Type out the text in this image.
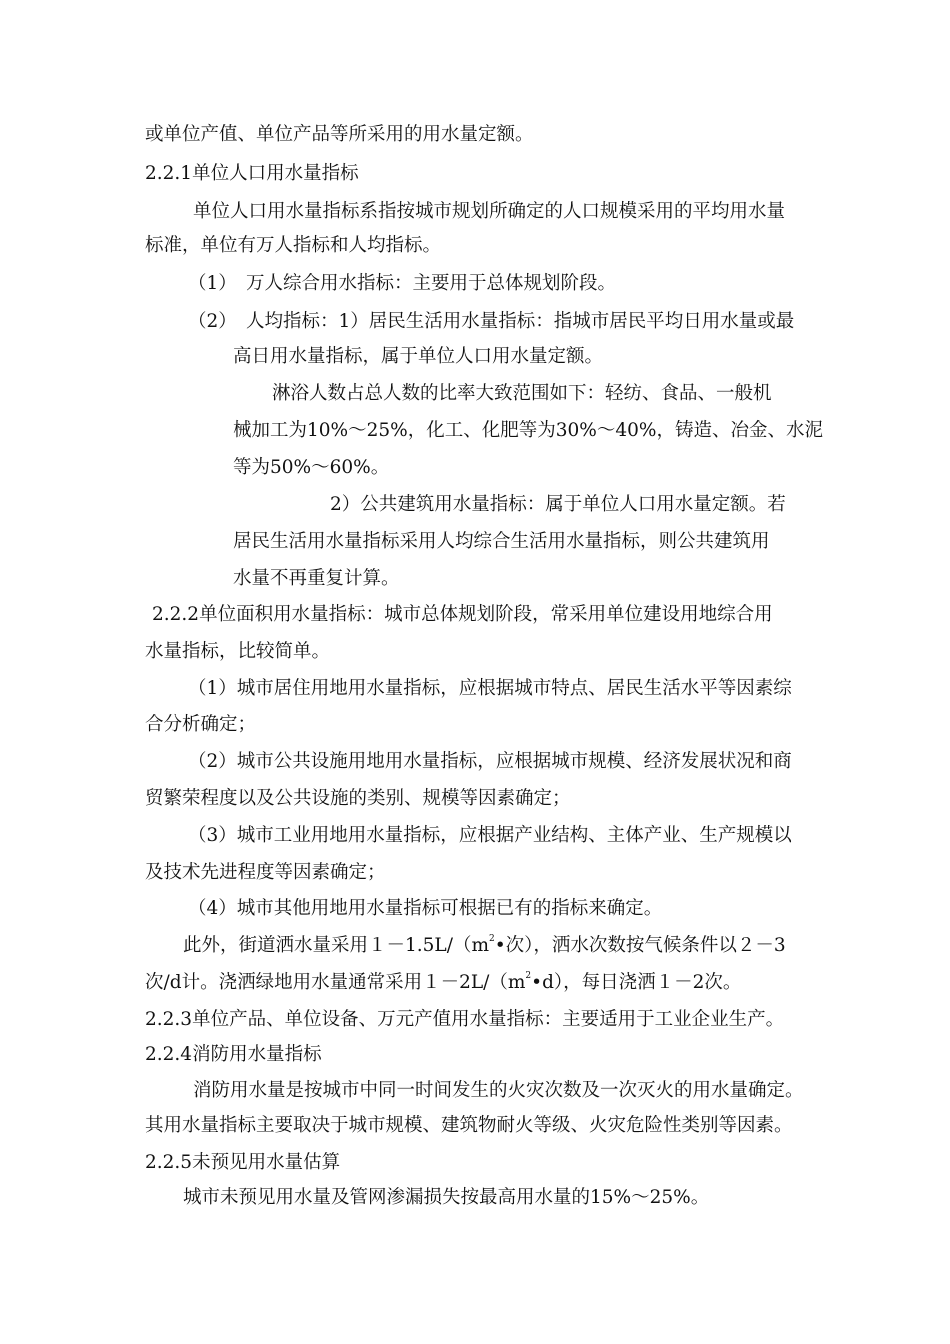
或单位产值、单位产品等所采用的用水量定额。
2.2.1单位人口用水量指标
单位人口用水量指标系指按城市规划所确定的人口规模采用的平均用水量
标准，单位有万人指标和人均指标。
（1）　万人综合用水指标：主要用于总体规划阶段。
（2）　人均指标：1）居民生活用水量指标：指城市居民平均日用水量或最
高日用水量指标，属于单位人口用水量定额。
淋浴人数占总人数的比率大致范围如下：轻纺、食品、一般机
械加工为10%～25%，化工、化肥等为30%～40%，铸造、冶金、水泥
等为50%～60%。
2）公共建筑用水量指标：属于单位人口用水量定额。若
居民生活用水量指标采用人均综合生活用水量指标，则公共建筑用
水量不再重复计算。
2.2.2单位面积用水量指标：城市总体规划阶段，常采用单位建设用地综合用
水量指标，比较简单。
（1）城市居住用地用水量指标，应根据城市特点、居民生活水平等因素综
合分析确定；
（2）城市公共设施用地用水量指标，应根据城市规模、经济发展状况和商
贸繁荣程度以及公共设施的类别、规模等因素确定；
（3）城市工业用地用水量指标，应根据产业结构、主体产业、生产规模以
及技术先进程度等因素确定；
（4）城市其他用地用水量指标可根据已有的指标来确定。
此外，街道洒水量采用$1-1.5L/(m^2•$次），洒水次数按气候条件以２－3
次/d计。浇洒绿地用水量通常采用$1-2L/(m^2•d)$，每日浇洒１－2次。
2.2.3单位产品、单位设备、万元产值用水量指标：主要适用于工业企业生产。
2.2.4消防用水量指标
消防用水量是按城市中同一时间发生的火灾次数及一次灭火的用水量确定。
其用水量指标主要取决于城市规模、建筑物耐火等级、火灾危险性类别等因素。
2.2.5未预见用水量估算
城市未预见用水量及管网渗漏损失按最高用水量的15%～25%。
